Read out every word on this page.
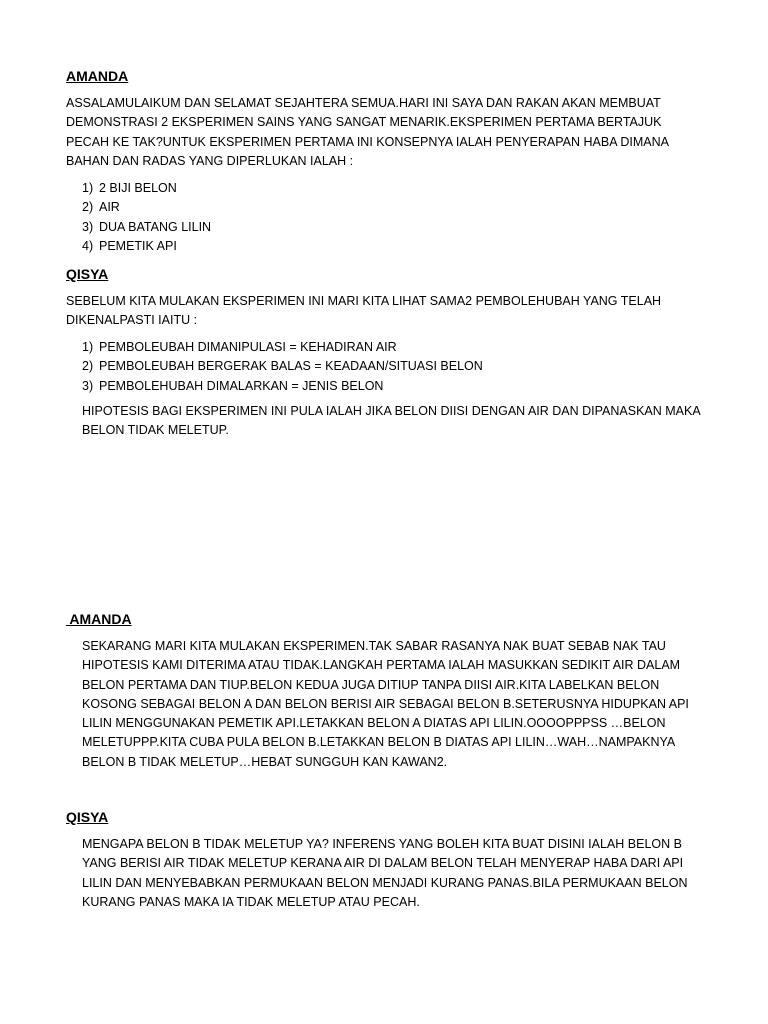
AMANDA

ASSALAMULAIKUM DAN SELAMAT SEJAHTERA SEMUA.HARI INI SAYA DAN RAKAN AKAN MEMBUAT DEMONSTRASI 2 EKSPERIMEN SAINS YANG SANGAT MENARIK.EKSPERIMEN PERTAMA BERTAJUK PECAH KE TAK?UNTUK EKSPERIMEN PERTAMA INI KONSEPNYA IALAH PENYERAPAN HABA DIMANA BAHAN DAN RADAS YANG DIPERLUKAN IALAH :

1) 2 BIJI BELON
2) AIR
3) DUA BATANG LILIN
4) PEMETIK API
QISYA

SEBELUM KITA MULAKAN EKSPERIMEN INI MARI KITA LIHAT SAMA2 PEMBOLEHUBAH YANG TELAH DIKENALPASTI IAITU :

1) PEMBOLEUBAH DIMANIPULASI = KEHADIRAN AIR
2) PEMBOLEUBAH BERGERAK BALAS = KEADAAN/SITUASI BELON
3) PEMBOLEHUBAH DIMALARKAN = JENIS BELON

HIPOTESIS BAGI EKSPERIMEN INI PULA IALAH JIKA BELON DIISI DENGAN AIR DAN DIPANASKAN MAKA BELON TIDAK MELETUP.

AMANDA

SEKARANG MARI KITA MULAKAN EKSPERIMEN.TAK SABAR RASANYA NAK BUAT SEBAB NAK TAU HIPOTESIS KAMI DITERIMA ATAU TIDAK.LANGKAH PERTAMA IALAH MASUKKAN SEDIKIT AIR DALAM BELON PERTAMA DAN TIUP.BELON KEDUA JUGA DITIUP TANPA DIISI AIR.KITA LABELKAN BELON KOSONG SEBAGAI BELON A DAN BELON BERISI AIR SEBAGAI BELON B.SETERUSNYA HIDUPKAN API LILIN MENGGUNAKAN PEMETIK API.LETAKKAN BELON A DIATAS API LILIN.OOOOPPPSS …BELON MELETUPPP.KITA CUBA PULA BELON B.LETAKKAN BELON B DIATAS API LILIN…WAH…NAMPAKNYA BELON B TIDAK MELETUP…HEBAT SUNGGUH KAN KAWAN2.

QISYA

MENGAPA BELON B TIDAK MELETUP YA? INFERENS YANG BOLEH KITA BUAT DISINI IALAH BELON B YANG BERISI AIR TIDAK MELETUP KERANA AIR DI DALAM BELON TELAH MENYERAP HABA DARI API LILIN DAN MENYEBABKAN PERMUKAAN BELON MENJADI KURANG PANAS.BILA PERMUKAAN BELON KURANG PANAS MAKA IA TIDAK MELETUP ATAU PECAH.
